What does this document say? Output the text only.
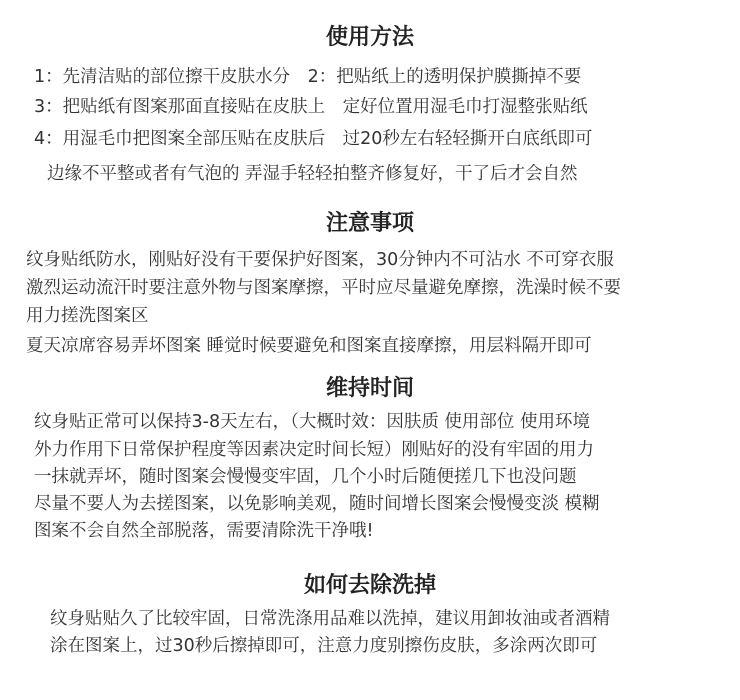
使用方法
1：先清洁贴的部位擦干皮肤水分　2：把贴纸上的透明保护膜撕掉不要
3：把贴纸有图案那面直接贴在皮肤上　定好位置用湿毛巾打湿整张贴纸
4：用湿毛巾把图案全部压贴在皮肤后　过20秒左右轻轻撕开白底纸即可
边缘不平整或者有气泡的 弄湿手轻轻拍整齐修复好，干了后才会自然
注意事项
纹身贴纸防水，刚贴好没有干要保护好图案，30分钟内不可沾水 不可穿衣服
激烈运动流汗时要注意外物与图案摩擦，平时应尽量避免摩擦，洗澡时候不要
用力搓洗图案区
夏天凉席容易弄坏图案 睡觉时候要避免和图案直接摩擦，用层料隔开即可
维持时间
纹身贴正常可以保持3-8天左右，（大概时效：因肤质 使用部位 使用环境
外力作用下日常保护程度等因素决定时间长短）刚贴好的没有牢固的用力
一抹就弄坏，随时图案会慢慢变牢固，几个小时后随便搓几下也没问题
尽量不要人为去搓图案，以免影响美观，随时间增长图案会慢慢变淡 模糊
图案不会自然全部脱落，需要清除洗干净哦!
如何去除洗掉
纹身贴贴久了比较牢固，日常洗涤用品难以洗掉，建议用卸妆油或者酒精
涂在图案上，过30秒后擦掉即可，注意力度别擦伤皮肤，多涂两次即可
